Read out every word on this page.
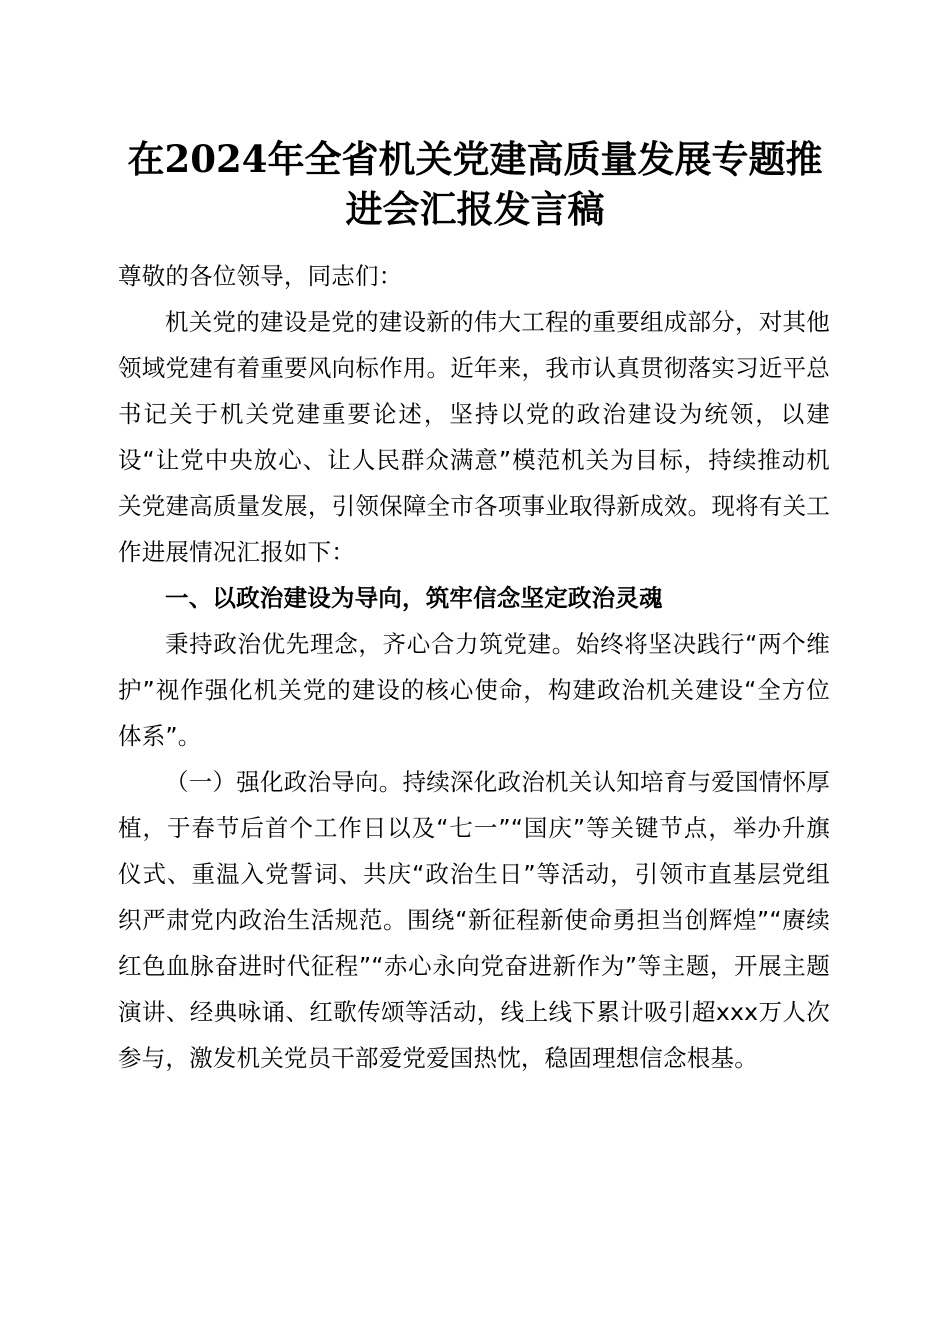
在2024年全省机关党建高质量发展专题推进会汇报发言稿

尊敬的各位领导，同志们：

机关党的建设是党的建设新的伟大工程的重要组成部分，对其他领域党建有着重要风向标作用。近年来，我市认真贯彻落实习近平总书记关于机关党建重要论述，坚持以党的政治建设为统领，以建设“让党中央放心、让人民群众满意”模范机关为目标，持续推动机关党建高质量发展，引领保障全市各项事业取得新成效。现将有关工作进展情况汇报如下：

一、以政治建设为导向，筑牢信念坚定政治灵魂

秉持政治优先理念，齐心合力筑党建。始终将坚决践行“两个维护”视作强化机关党的建设的核心使命，构建政治机关建设“全方位体系”。

（一）强化政治导向。持续深化政治机关认知培育与爱国情怀厚植，于春节后首个工作日以及“七一”“国庆”等关键节点，举办升旗仪式、重温入党誓词、共庆“政治生日”等活动，引领市直基层党组织严肃党内政治生活规范。围绕“新征程新使命勇担当创辉煌”“赓续红色血脉奋进时代征程”“赤心永向党奋进新作为”等主题，开展主题演讲、经典咏诵、红歌传颂等活动，线上线下累计吸引超xxx万人次参与，激发机关党员干部爱党爱国热忱，稳固理想信念根基。
